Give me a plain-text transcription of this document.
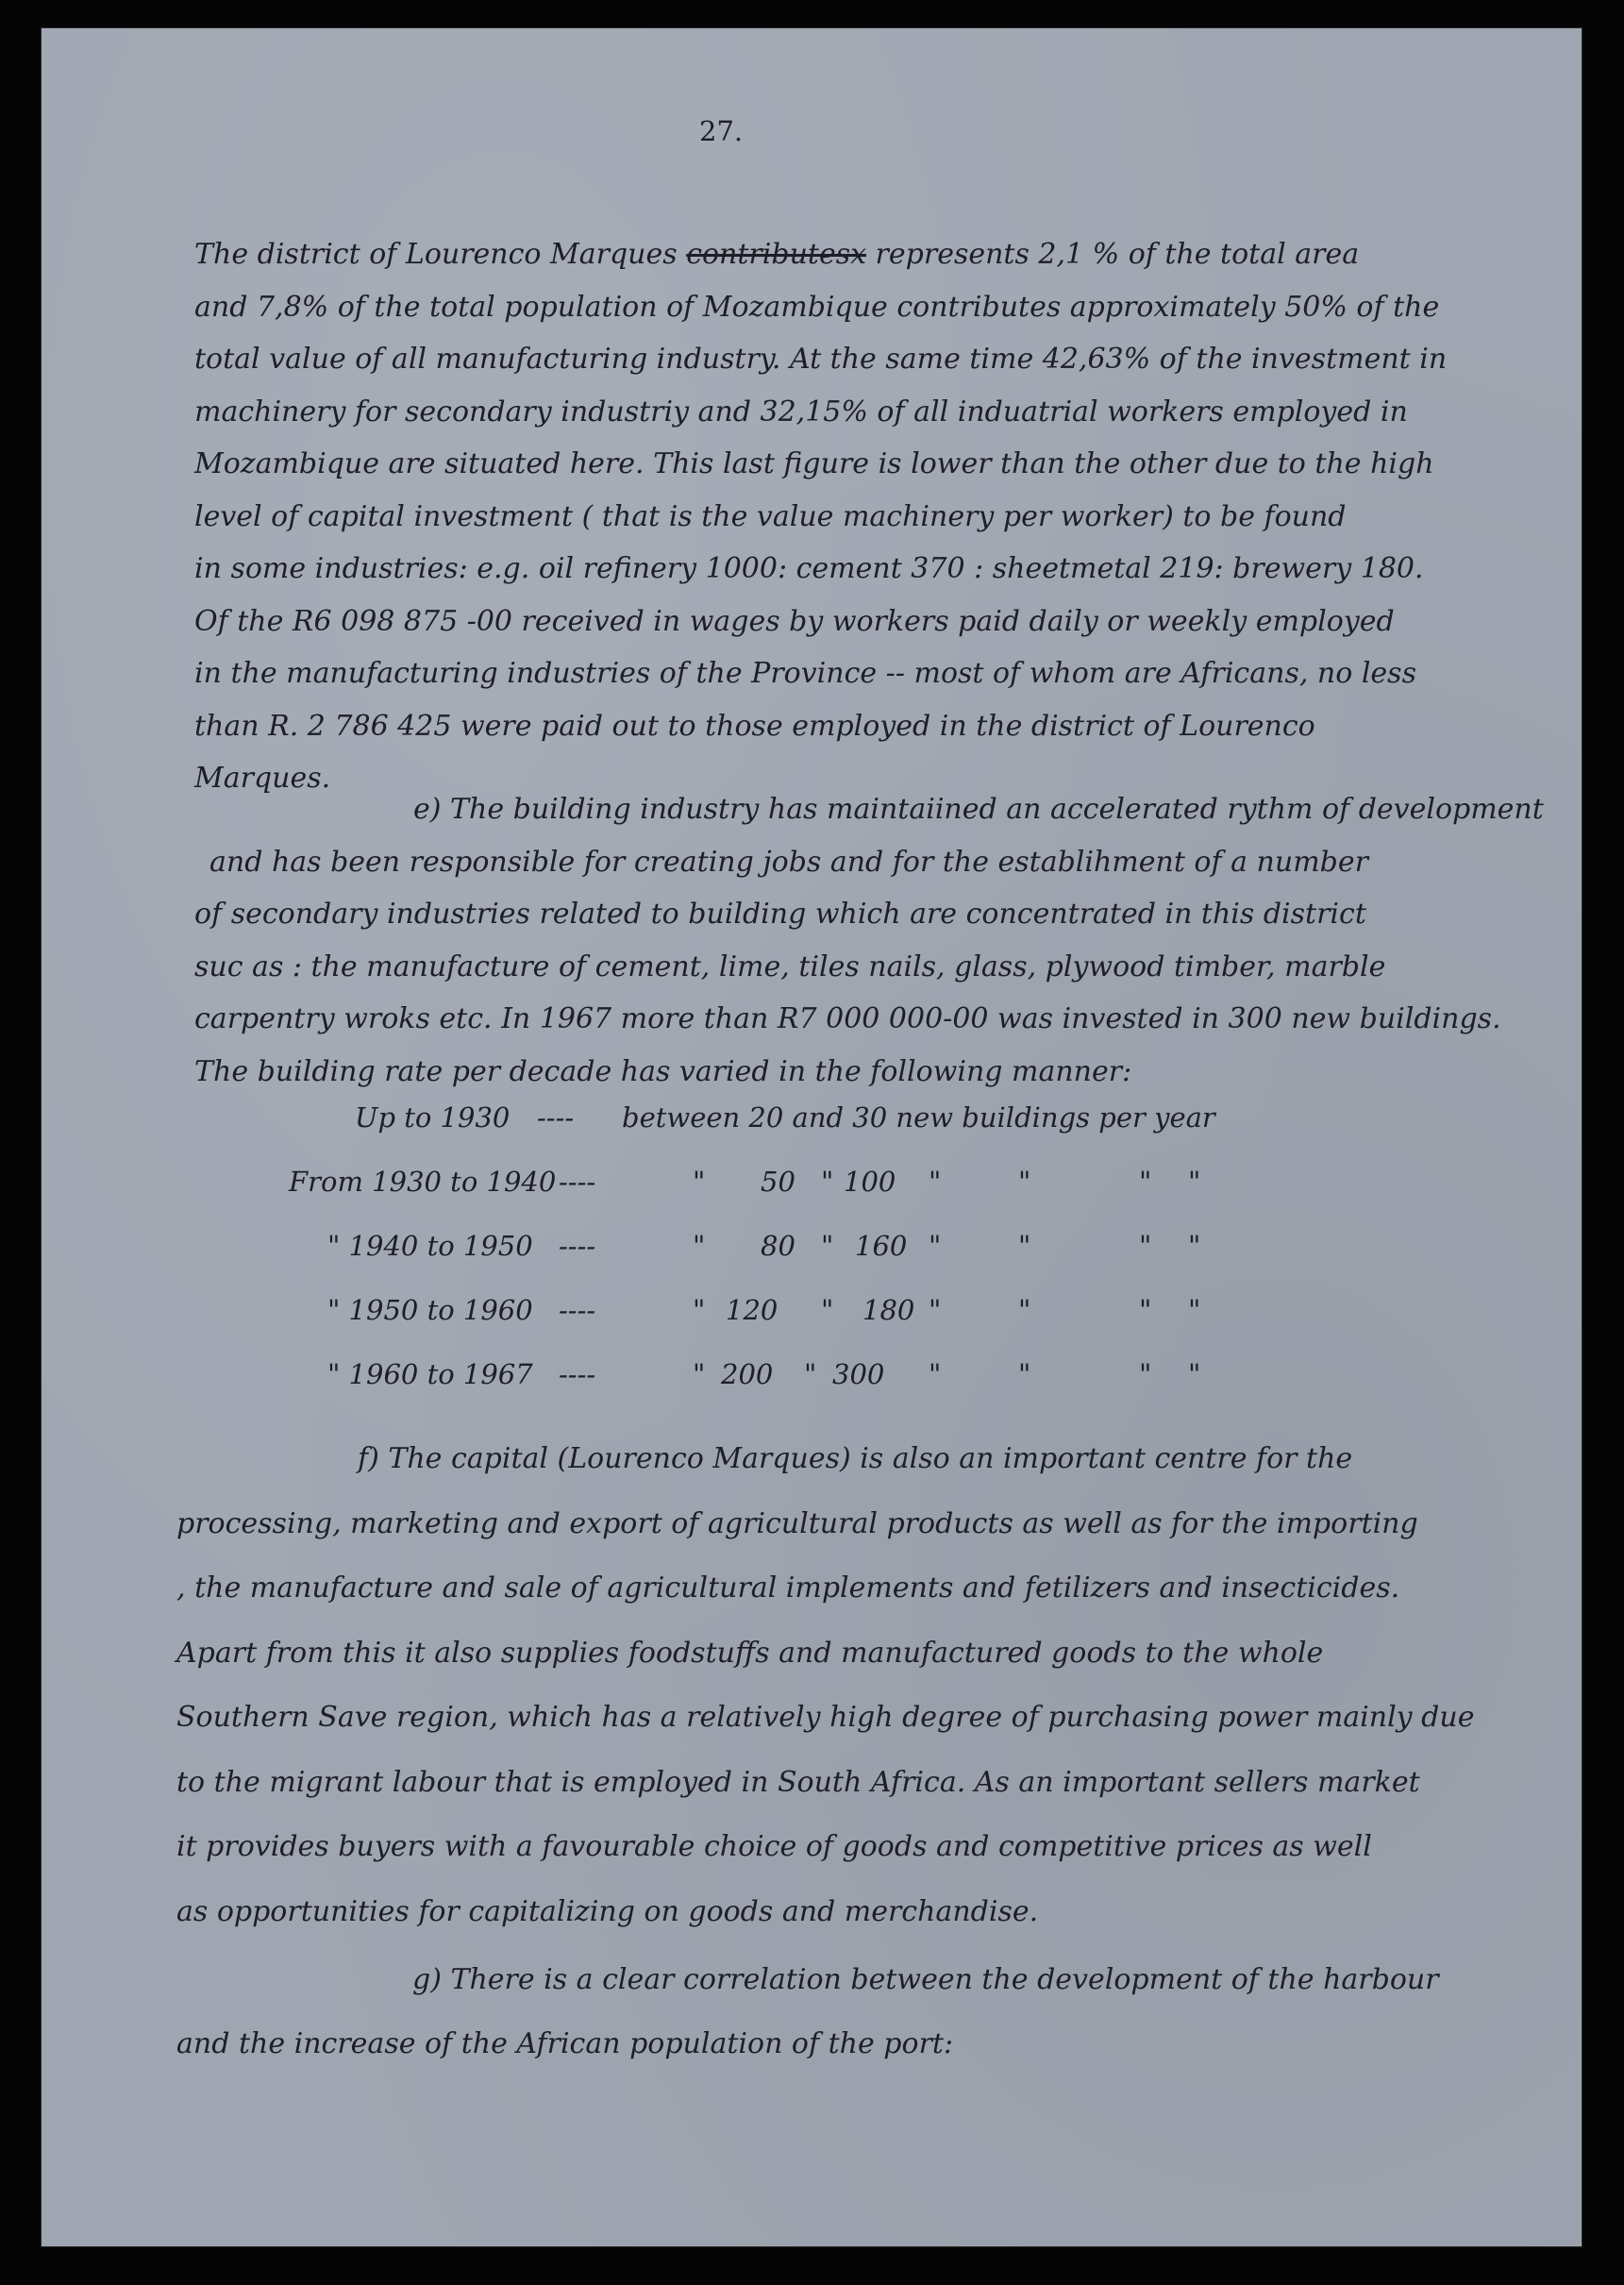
27.
The district of Lourenco Marques contributesx represents 2,1 % of the total area
and 7,8% of the total population of Mozambique contributes approximately 50% of the
total value of all manufacturing industry. At the same time 42,63% of the investment in
machinery for secondary industriy and 32,15% of all induatrial workers employed in
Mozambique are situated here. This last figure is lower than the other due to the high
level of capital investment ( that is the value machinery per worker) to be found
in some industries: e.g. oil refinery 1000: cement 370 : sheetmetal 219: brewery 180.
Of the R6 098 875 -00 received in wages by workers paid daily or weekly employed
in the manufacturing industries of the Province -- most of whom are Africans, no less
than R. 2 786 425 were paid out to those employed in the district of Lourenco
Marques.
e) The building industry has maintaiined an accelerated rythm of development
and has been responsible for creating jobs and for the establihment of a number
of secondary industries related to building which are concentrated in this district
suc as : the manufacture of cement, lime, tiles nails, glass, plywood timber, marble
carpentry wroks etc. In 1967 more than R7 000 000-00 was invested in 300 new buildings.
The building rate per decade has varied in the following manner:
Up to 1930 ---- between 20 and 30 new buildings per year
From 1930 to 1940 ----	" 50 " 100 "	"	" "
" 1940 to 1950 ----	" 80 " 160 "	"	" "
" 1950 to 1960 ----	" 120 " 180 "	"	" "
" 1960 to 1967 ----	" 200 " 300 "	"	" "
f) The capital (Lourenco Marques) is also an important centre for the
processing, marketing and export of agricultural products as well as for the importing
, the manufacture and sale of agricultural implements and fetilizers and insecticides.
Apart from this it also supplies foodstuffs and manufactured goods to the whole
Southern Save region, which has a relatively high degree of purchasing power mainly due
to the migrant labour that is employed in South Africa. As an important sellers market
it provides buyers with a favourable choice of goods and competitive prices as well
as opportunities for capitalizing on goods and merchandise.
g) There is a clear correlation between the development of the harbour
and the increase of the African population of the port:
